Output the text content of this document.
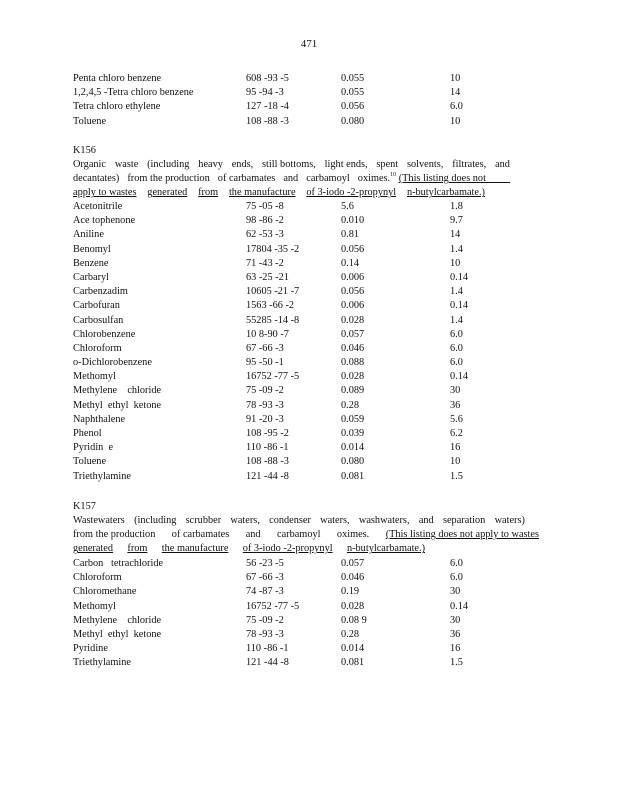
471
Penta chloro benzene	608 -93 -5	0.055	10
1,2,4,5 -Tetra chloro benzene	95 -94 -3	0.055	14
Tetra chloro ethylene	127 -18 -4	0.056	6.0
Toluene	108 -88 -3	0.080	10
K156
Organic waste (including heavy ends, still bottoms, light ends, spent solvents, filtrates, and
decantates) from the production of carbamates and carbamoyl oximes.$^{10}$ (This listing does not
apply to wastes generated from the manufacture of 3-iodo -2-propynyl n-butylcarbamate.)
Acetonitrile	75 -05 -8	5.6	1.8
Ace tophenone	98 -86 -2	0.010	9.7
Aniline	62 -53 -3	0.81	14
Benomyl	17804 -35 -2	0.056	1.4
Benzene	71 -43 -2	0.14	10
Carbaryl	63 -25 -21	0.006	0.14
Carbenzadim	10605 -21 -7	0.056	1.4
Carbofuran	1563 -66 -2	0.006	0.14
Carbosulfan	55285 -14 -8	0.028	1.4
Chlorobenzene	10 8-90 -7	0.057	6.0
Chloroform	67 -66 -3	0.046	6.0
o-Dichlorobenzene	95 -50 -1	0.088	6.0
Methomyl	16752 -77 -5	0.028	0.14
Methylene    chloride	75 -09 -2	0.089	30
Methyl  ethyl  ketone	78 -93 -3	0.28	36
Naphthalene	91 -20 -3	0.059	5.6
Phenol	108 -95 -2	0.039	6.2
Pyridin  e	110 -86 -1	0.014	16
Toluene	108 -88 -3	0.080	10
Triethylamine	121 -44 -8	0.081	1.5
K157
Wastewaters (including scrubber waters, condenser waters, washwaters, and separation waters)
from the production of carbamates and carbamoyl oximes. (This listing does not apply to wastes
generated from the manufacture of 3-iodo -2-propynyl n-butylcarbamate.)
Carbon   tetrachloride	56 -23 -5	0.057	6.0
Chloroform	67 -66 -3	0.046	6.0
Chloromethane	74 -87 -3	0.19	30
Methomyl	16752 -77 -5	0.028	0.14
Methylene    chloride	75 -09 -2	0.08 9	30
Methyl  ethyl  ketone	78 -93 -3	0.28	36
Pyridine	110 -86 -1	0.014	16
Triethylamine	121 -44 -8	0.081	1.5
